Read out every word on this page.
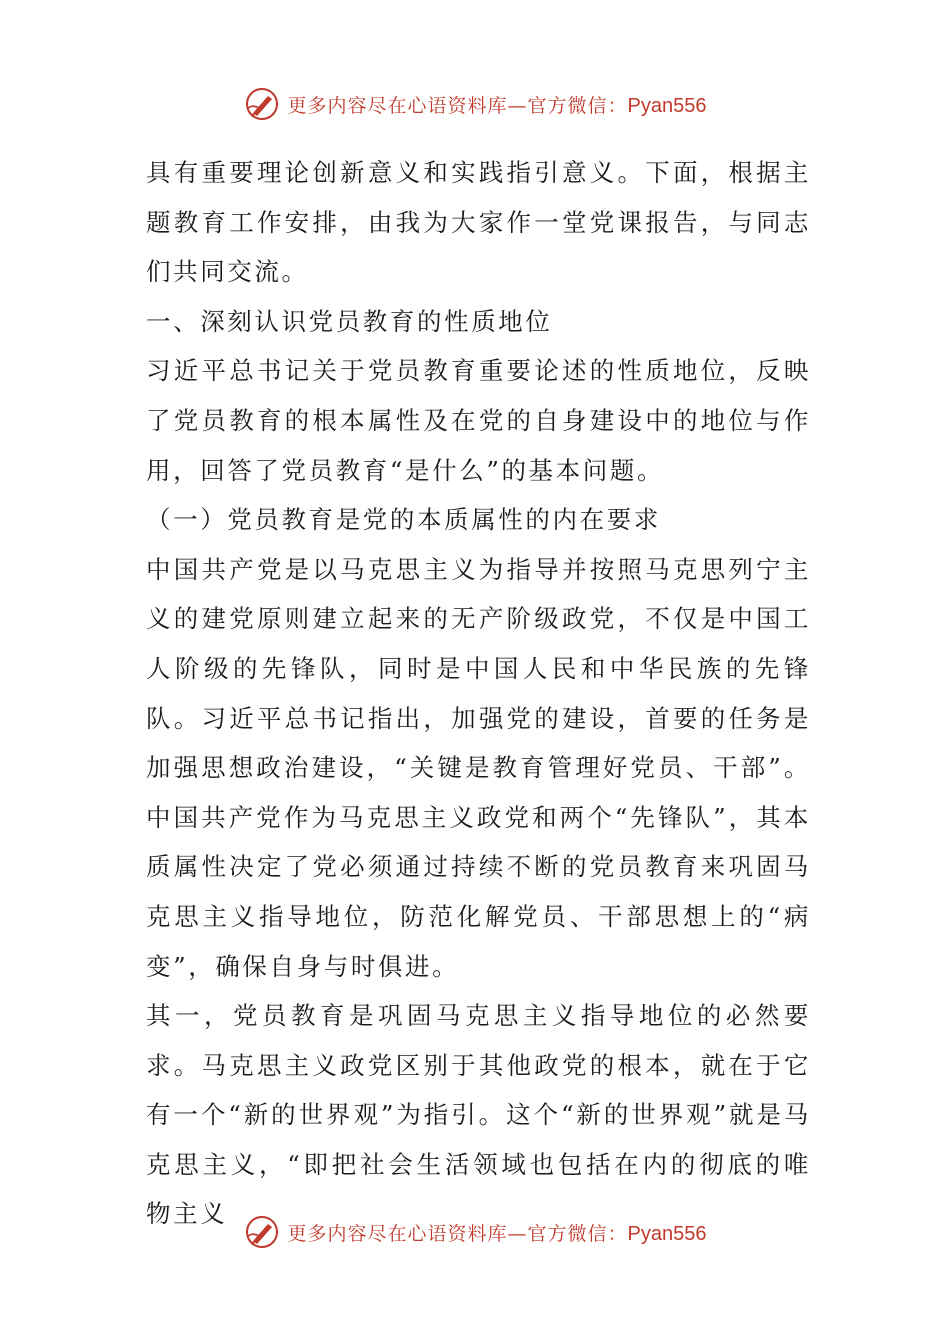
更多内容尽在心语资料库—官方微信：Pyan556

具有重要理论创新意义和实践指引意义。下面，根据主题教育工作安排，由我为大家作一堂党课报告，与同志们共同交流。

一、深刻认识党员教育的性质地位

习近平总书记关于党员教育重要论述的性质地位，反映了党员教育的根本属性及在党的自身建设中的地位与作用，回答了党员教育“是什么”的基本问题。

（一）党员教育是党的本质属性的内在要求

中国共产党是以马克思主义为指导并按照马克思列宁主义的建党原则建立起来的无产阶级政党，不仅是中国工人阶级的先锋队，同时是中国人民和中华民族的先锋队。习近平总书记指出，加强党的建设，首要的任务是加强思想政治建设，“关键是教育管理好党员、干部”。中国共产党作为马克思主义政党和两个“先锋队”，其本质属性决定了党必须通过持续不断的党员教育来巩固马克思主义指导地位，防范化解党员、干部思想上的“病变”，确保自身与时俱进。

其一，党员教育是巩固马克思主义指导地位的必然要求。马克思主义政党区别于其他政党的根本，就在于它有一个“新的世界观”为指引。这个“新的世界观”就是马克思主义，“即把社会生活领域也包括在内的彻底的唯物主义

更多内容尽在心语资料库—官方微信：Pyan556
